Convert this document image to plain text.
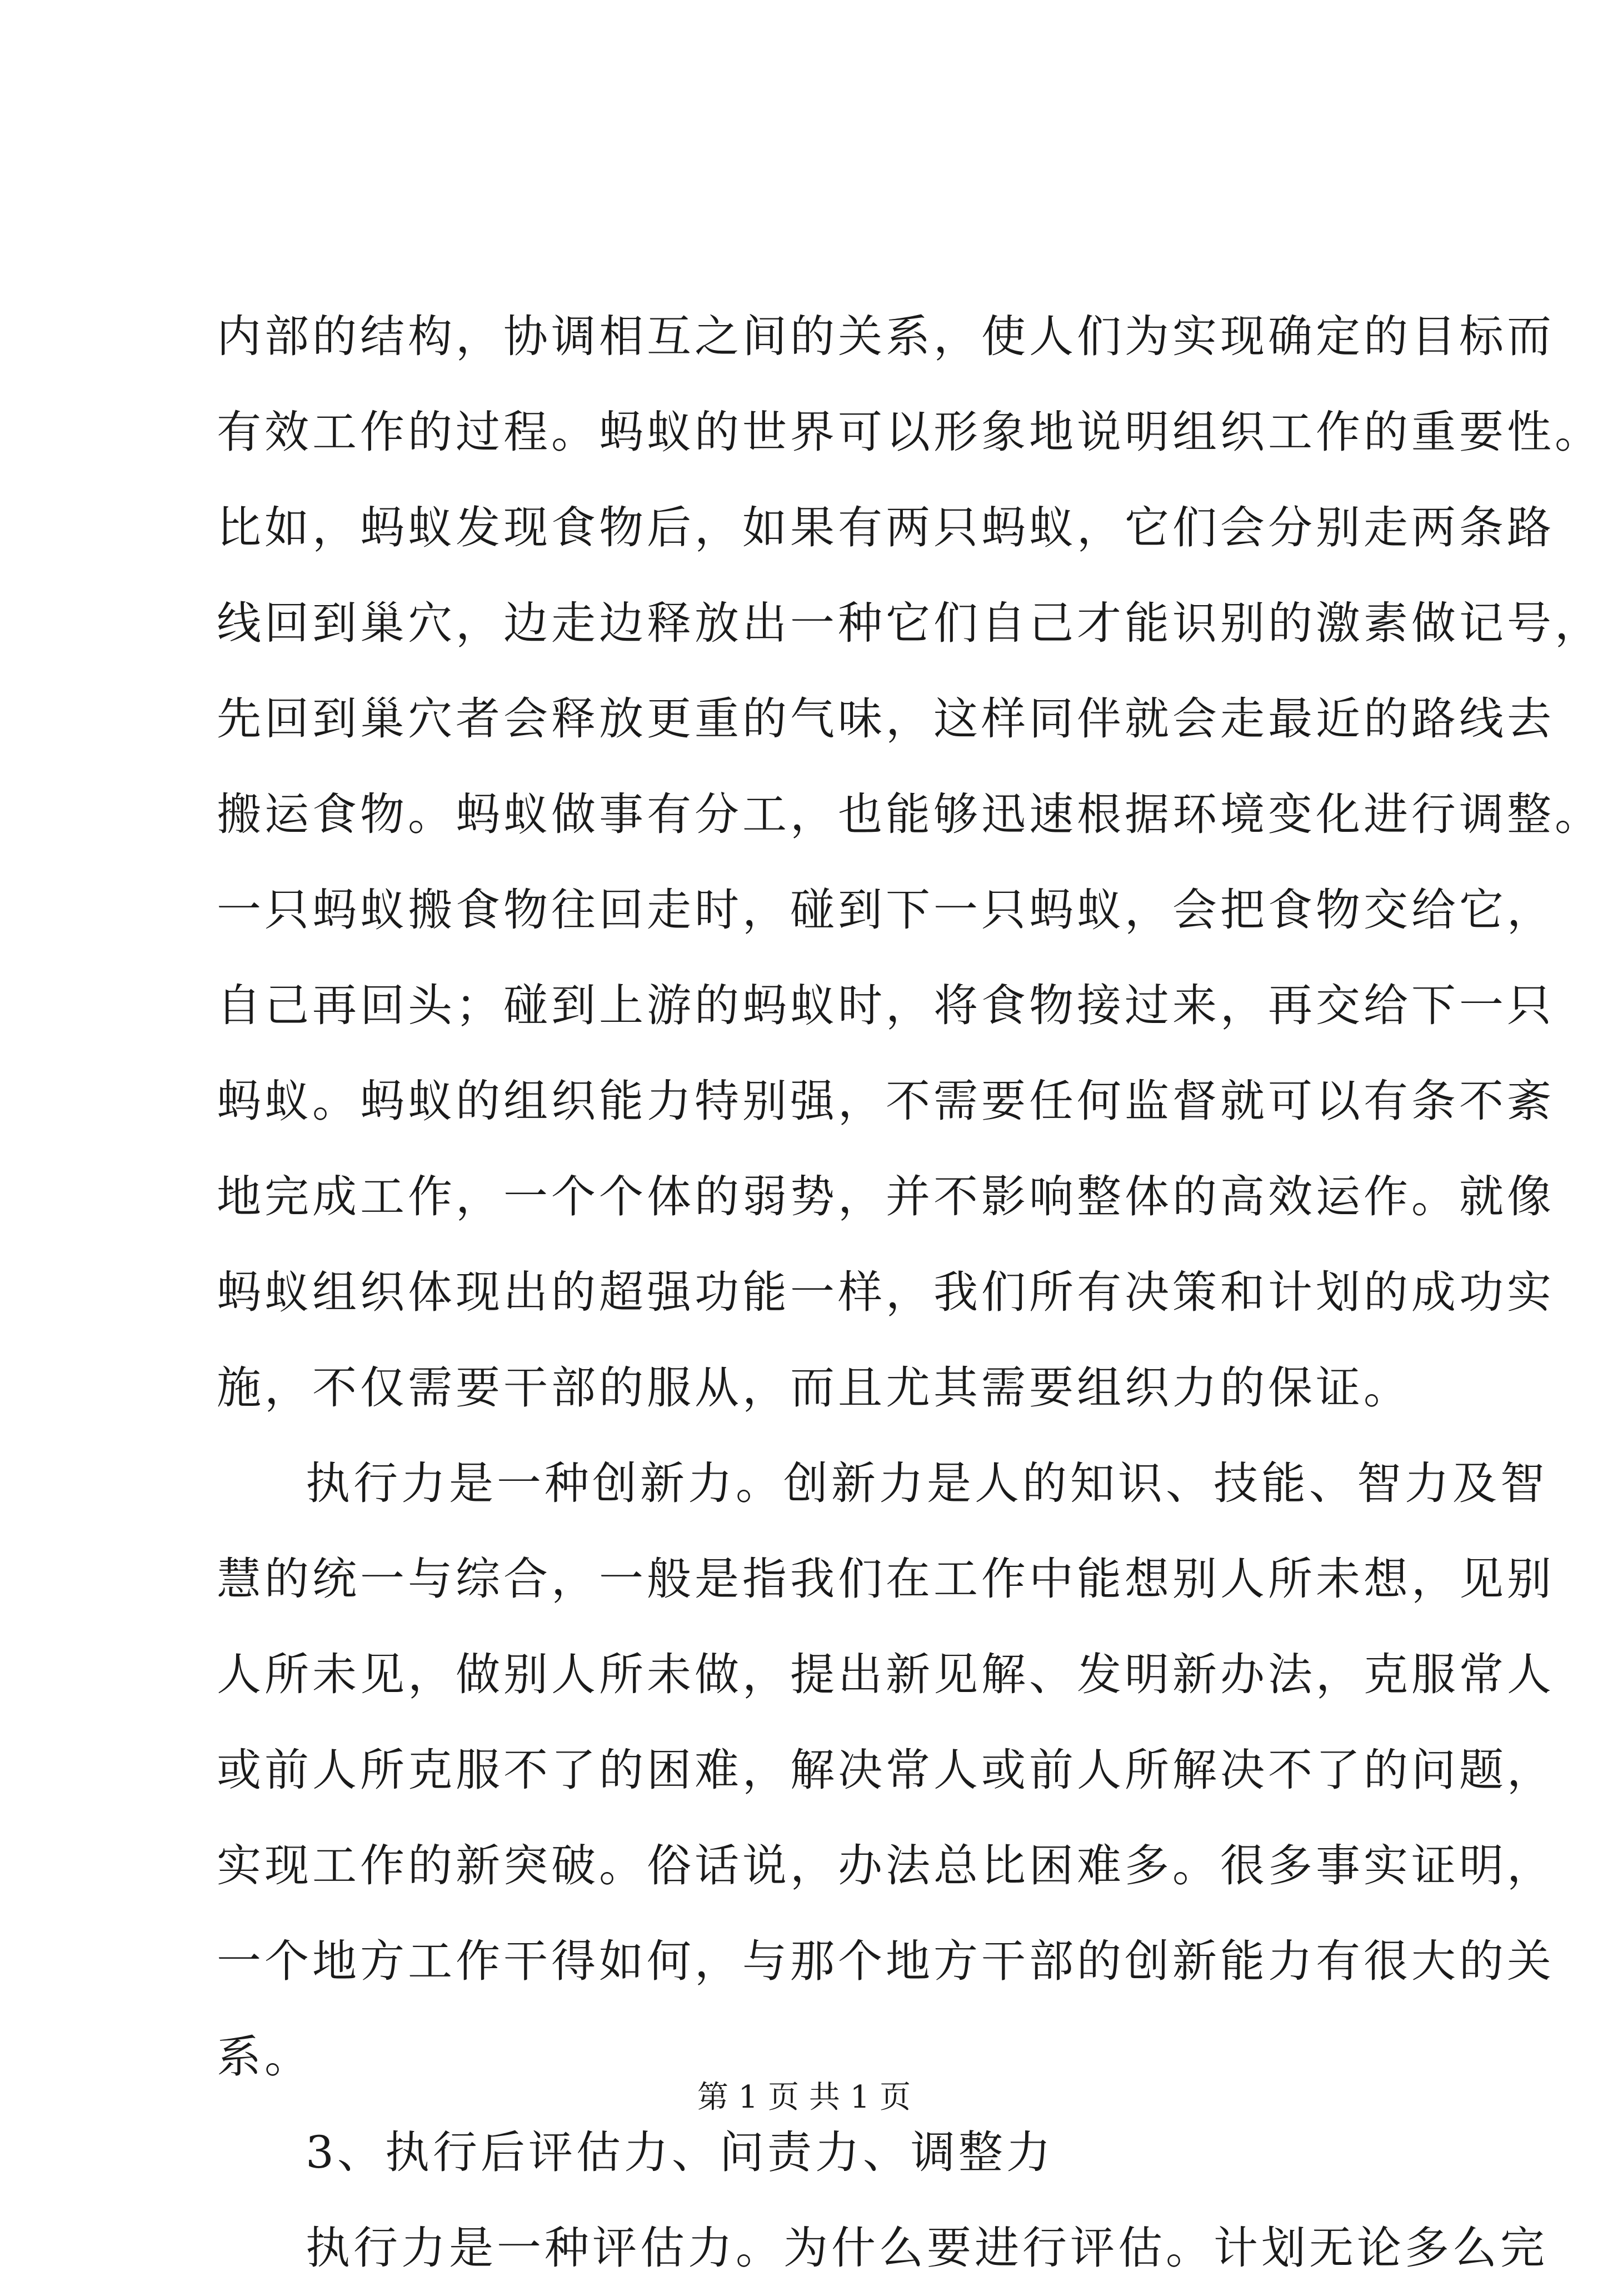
内部的结构，协调相互之间的关系，使人们为实现确定的目标而
有效工作的过程。蚂蚁的世界可以形象地说明组织工作的重要性。
比如，蚂蚁发现食物后，如果有两只蚂蚁，它们会分别走两条路
线回到巢穴，边走边释放出一种它们自己才能识别的激素做记号，
先回到巢穴者会释放更重的气味，这样同伴就会走最近的路线去
搬运食物。蚂蚁做事有分工，也能够迅速根据环境变化进行调整。
一只蚂蚁搬食物往回走时，碰到下一只蚂蚁，会把食物交给它，
自己再回头；碰到上游的蚂蚁时，将食物接过来，再交给下一只
蚂蚁。蚂蚁的组织能力特别强，不需要任何监督就可以有条不紊
地完成工作，一个个体的弱势，并不影响整体的高效运作。就像
蚂蚁组织体现出的超强功能一样，我们所有决策和计划的成功实
施，不仅需要干部的服从，而且尤其需要组织力的保证。
执行力是一种创新力。创新力是人的知识、技能、智力及智
慧的统一与综合，一般是指我们在工作中能想别人所未想，见别
人所未见，做别人所未做，提出新见解、发明新办法，克服常人
或前人所克服不了的困难，解决常人或前人所解决不了的问题，
实现工作的新突破。俗话说，办法总比困难多。很多事实证明，
一个地方工作干得如何，与那个地方干部的创新能力有很大的关
系。
3、执行后评估力、问责力、调整力
执行力是一种评估力。为什么要进行评估。计划无论多么完
第 1 页 共 1 页
